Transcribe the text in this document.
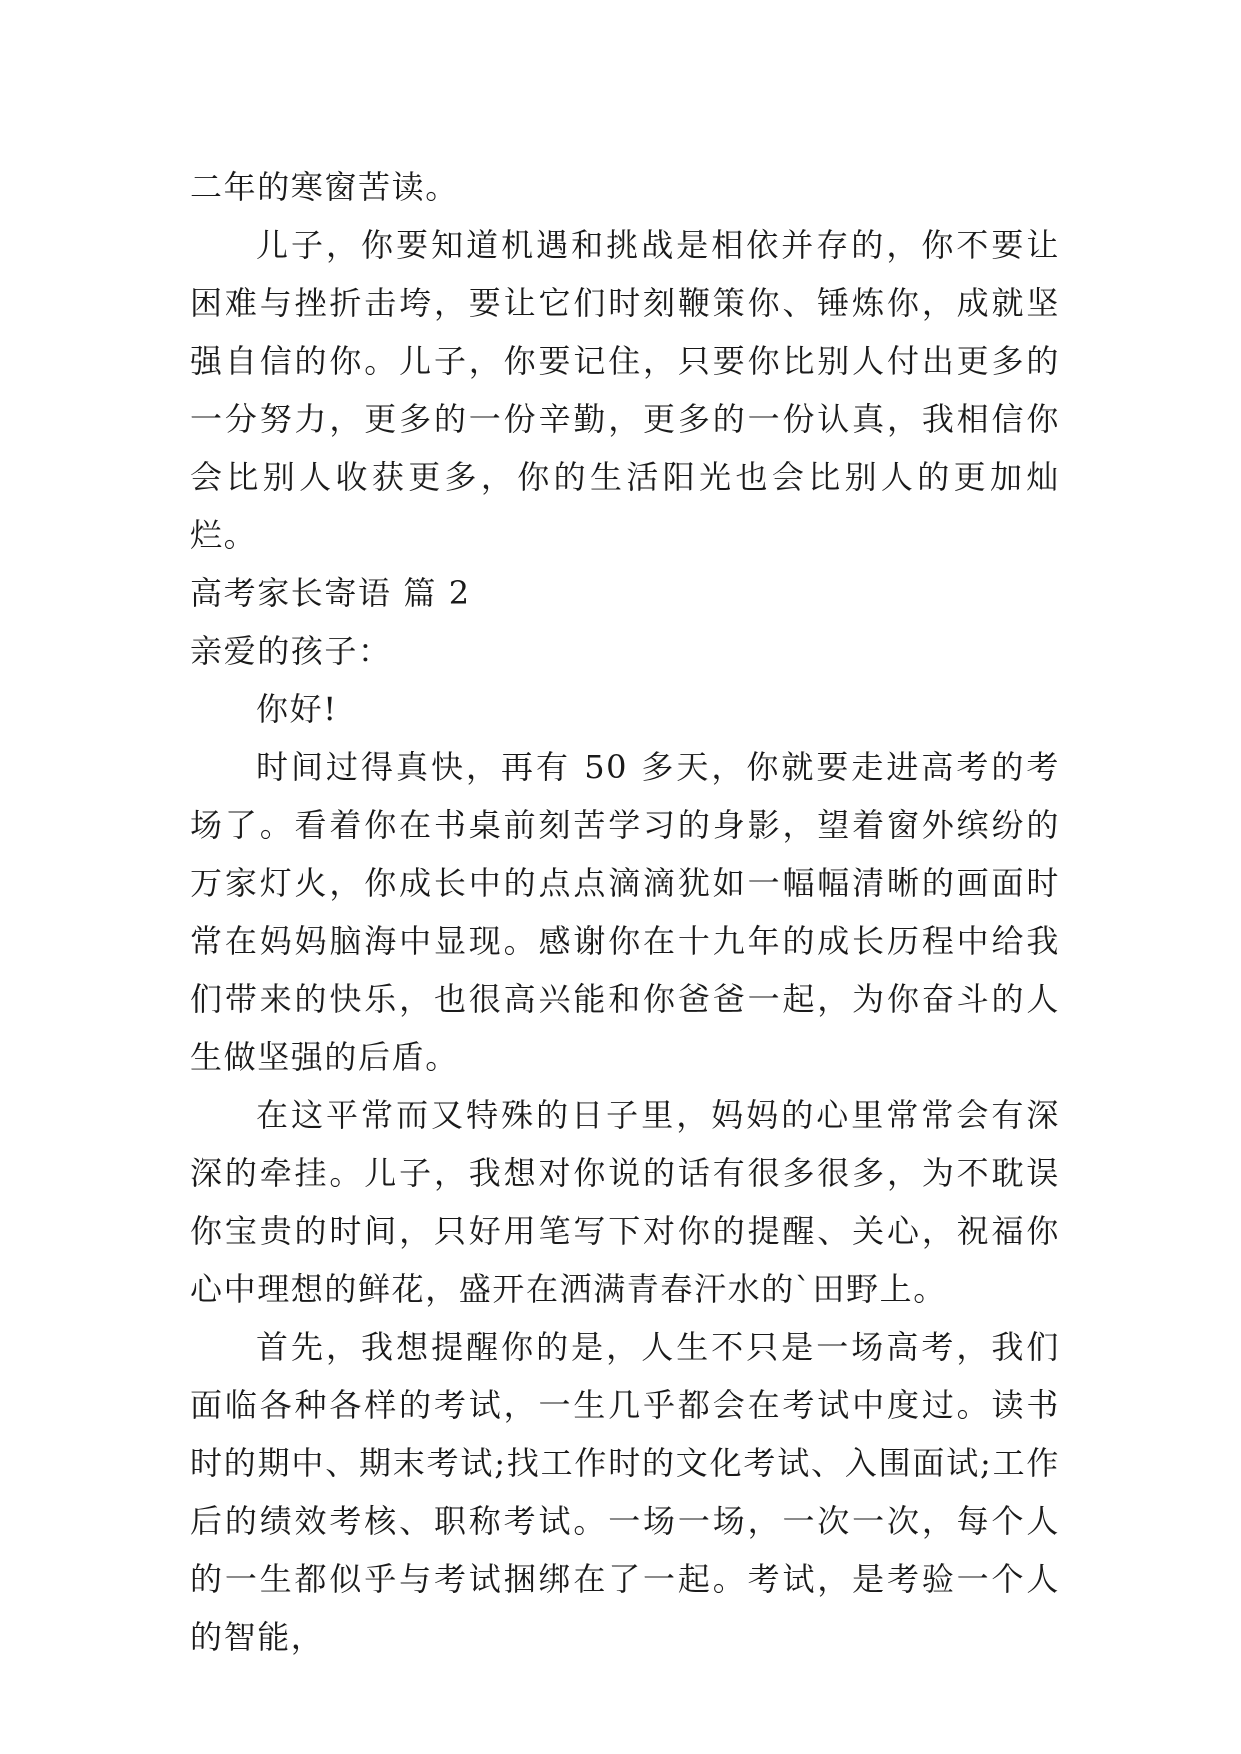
二年的寒窗苦读。

儿子，你要知道机遇和挑战是相依并存的，你不要让困难与挫折击垮，要让它们时刻鞭策你、锤炼你，成就坚强自信的你。儿子，你要记住，只要你比别人付出更多的一分努力，更多的一份辛勤，更多的一份认真，我相信你会比别人收获更多，你的生活阳光也会比别人的更加灿烂。

高考家长寄语 篇 2

亲爱的孩子：

你好!

时间过得真快，再有 50 多天，你就要走进高考的考场了。看着你在书桌前刻苦学习的身影，望着窗外缤纷的万家灯火，你成长中的点点滴滴犹如一幅幅清晰的画面时常在妈妈脑海中显现。感谢你在十九年的成长历程中给我们带来的快乐，也很高兴能和你爸爸一起，为你奋斗的人生做坚强的后盾。

在这平常而又特殊的日子里，妈妈的心里常常会有深深的牵挂。儿子，我想对你说的话有很多很多，为不耽误你宝贵的时间，只好用笔写下对你的提醒、关心，祝福你心中理想的鲜花，盛开在洒满青春汗水的`田野上。

首先，我想提醒你的是，人生不只是一场高考，我们面临各种各样的考试，一生几乎都会在考试中度过。读书时的期中、期末考试;找工作时的文化考试、入围面试;工作后的绩效考核、职称考试。一场一场，一次一次，每个人的一生都似乎与考试捆绑在了一起。考试，是考验一个人的智能，
